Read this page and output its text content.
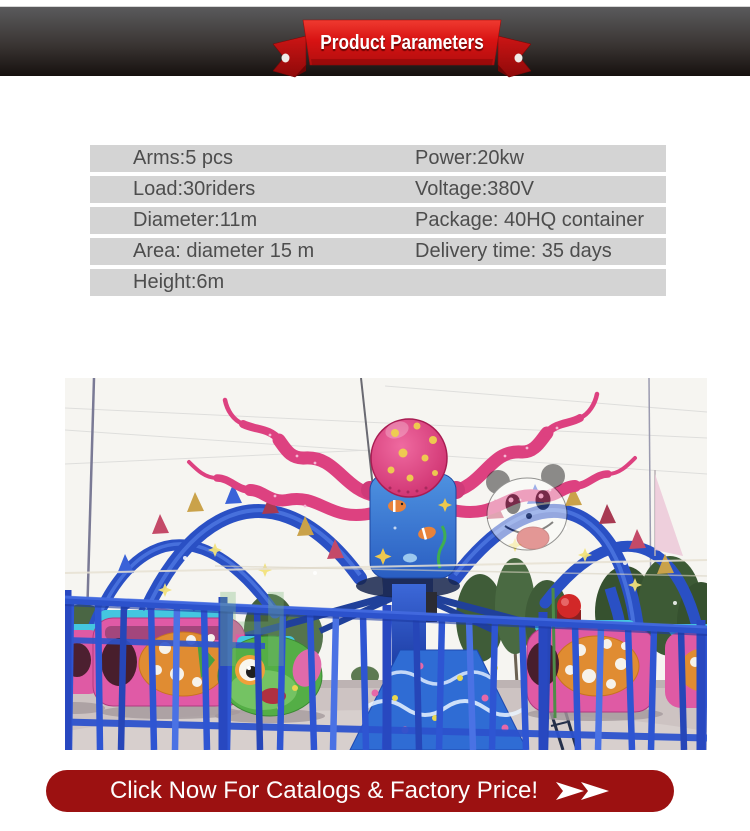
Product Parameters
Arms:5 pcs	Power:20kw
Load:30riders	Voltage:380V
Diameter:11m	Package: 40HQ container
Area: diameter 15 m	Delivery time: 35 days
Height:6m
H
Click Now For Catalogs & Factory Price!
